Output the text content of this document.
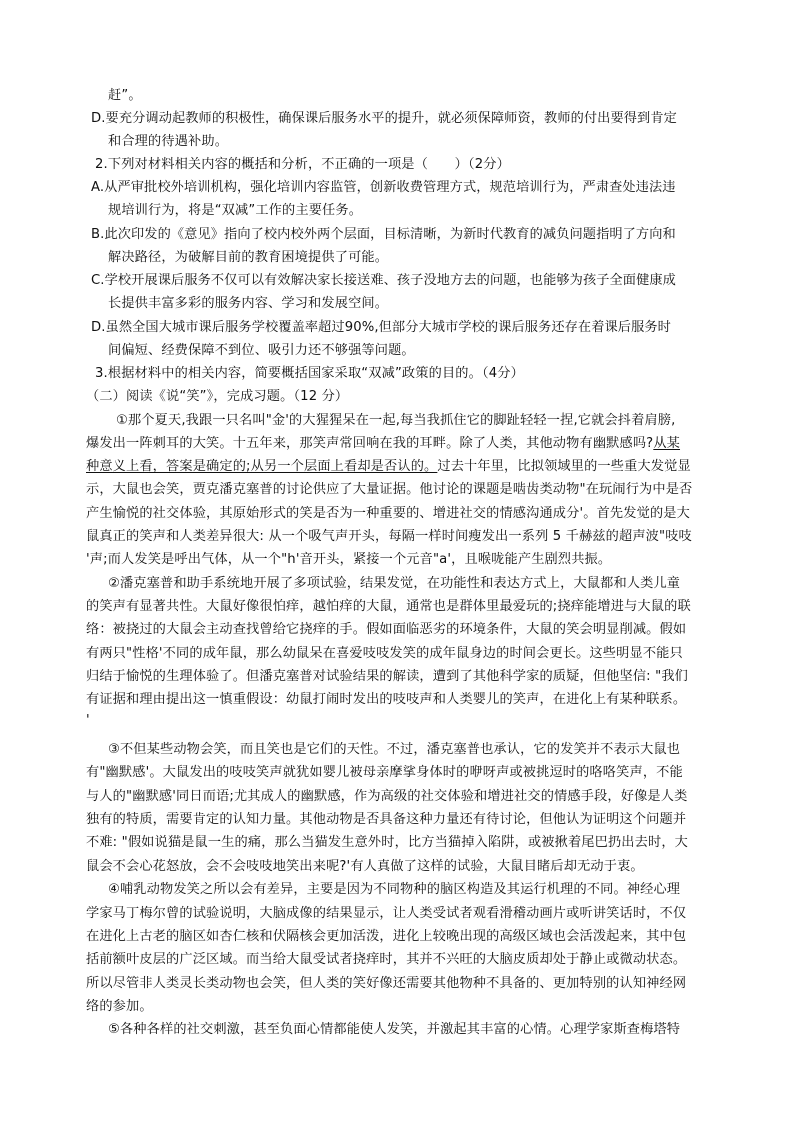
赶”。
D.要充分调动起教师的积极性，确保课后服务水平的提升，就必须保障师资，教师的付出要得到肯定
和合理的待遇补助。
2.下列对材料相关内容的概括和分析，不正确的一项是（　　）（2分）
A.从严审批校外培训机构，强化培训内容监管，创新收费管理方式，规范培训行为，严肃查处违法违
规培训行为，将是“双减”工作的主要任务。
B.此次印发的《意见》指向了校内校外两个层面，目标清晰，为新时代教育的减负问题指明了方向和
解决路径，为破解目前的教育困境提供了可能。
C.学校开展课后服务不仅可以有效解决家长接送难、孩子没地方去的问题，也能够为孩子全面健康成
长提供丰富多彩的服务内容、学习和发展空间。
D.虽然全国大城市课后服务学校覆盖率超过90%,但部分大城市学校的课后服务还存在着课后服务时
间偏短、经费保障不到位、吸引力还不够强等问题。
3.根据材料中的相关内容，简要概括国家采取“双减”政策的目的。（4分）
（二）阅读《说“笑”》，完成习题。（12 分）
①那个夏天,我跟一只名叫"金'的大猩猩呆在一起,每当我抓住它的脚趾轻轻一捏,它就会抖着肩膀,
爆发出一阵刺耳的大笑。十五年来，那笑声常回响在我的耳畔。除了人类，其他动物有幽默感吗?从某
种意义上看，答案是确定的;从另一个层面上看却是否认的。过去十年里，比拟领域里的一些重大发觉显
示，大鼠也会笑，贾克潘克塞普的讨论供应了大量证据。他讨论的课题是啮齿类动物"在玩闹行为中是否
产生愉悦的社交体验，其原始形式的笑是否为一种重要的、增进社交的情感沟通成分'。首先发觉的是大
鼠真正的笑声和人类差异很大: 从一个吸气声开头，每隔一样时间瘦发出一系列 5 千赫兹的超声波"吱吱
'声;而人发笑是呼出气体，从一个"h'音开头，紧接一个元音"a'，且喉咙能产生剧烈共振。
②潘克塞普和助手系统地开展了多项试验，结果发觉，在功能性和表达方式上，大鼠都和人类儿童
的笑声有显著共性。大鼠好像很怕痒，越怕痒的大鼠，通常也是群体里最爱玩的;挠痒能增进与大鼠的联
络：被挠过的大鼠会主动查找曾给它挠痒的手。假如面临恶劣的环境条件，大鼠的笑会明显削减。假如
有两只"性格'不同的成年鼠，那么幼鼠呆在喜爱吱吱发笑的成年鼠身边的时间会更长。这些明显不能只
归结于愉悦的生理体验了。但潘克塞普对试验结果的解读，遭到了其他科学家的质疑，但他坚信: "我们
有证据和理由提出这一慎重假设：幼鼠打闹时发出的吱吱声和人类婴儿的笑声，在进化上有某种联系。
'
③不但某些动物会笑，而且笑也是它们的天性。不过，潘克塞普也承认，它的发笑并不表示大鼠也
有"幽默感'。大鼠发出的吱吱笑声就犹如婴儿被母亲摩挲身体时的咿呀声或被挑逗时的咯咯笑声，不能
与人的"幽默感'同日而语;尤其成人的幽默感，作为高级的社交体验和增进社交的情感手段，好像是人类
独有的特质，需要肯定的认知力量。其他动物是否具备这种力量还有待讨论，但他认为证明这个问题并
不难: "假如说猫是鼠一生的痛，那么当猫发生意外时，比方当猫掉入陷阱，或被揪着尾巴扔出去时，大
鼠会不会心花怒放，会不会吱吱地笑出来呢?'有人真做了这样的试验，大鼠目睹后却无动于衷。
④哺乳动物发笑之所以会有差异，主要是因为不同物种的脑区构造及其运行机理的不同。神经心理
学家马丁梅尔曾的试验说明，大脑成像的结果显示，让人类受试者观看滑稽动画片或听讲笑话时，不仅
在进化上古老的脑区如杏仁核和伏隔核会更加活泼，进化上较晚出现的高级区域也会活泼起来，其中包
括前额叶皮层的广泛区域。而当给大鼠受试者挠痒时，其并不兴旺的大脑皮质却处于静止或微动状态。
所以尽管非人类灵长类动物也会笑，但人类的笑好像还需要其他物种不具备的、更加特别的认知神经网
络的参加。
⑤各种各样的社交刺激，甚至负面心情都能使人发笑，并激起其丰富的心情。心理学家斯查梅塔特
